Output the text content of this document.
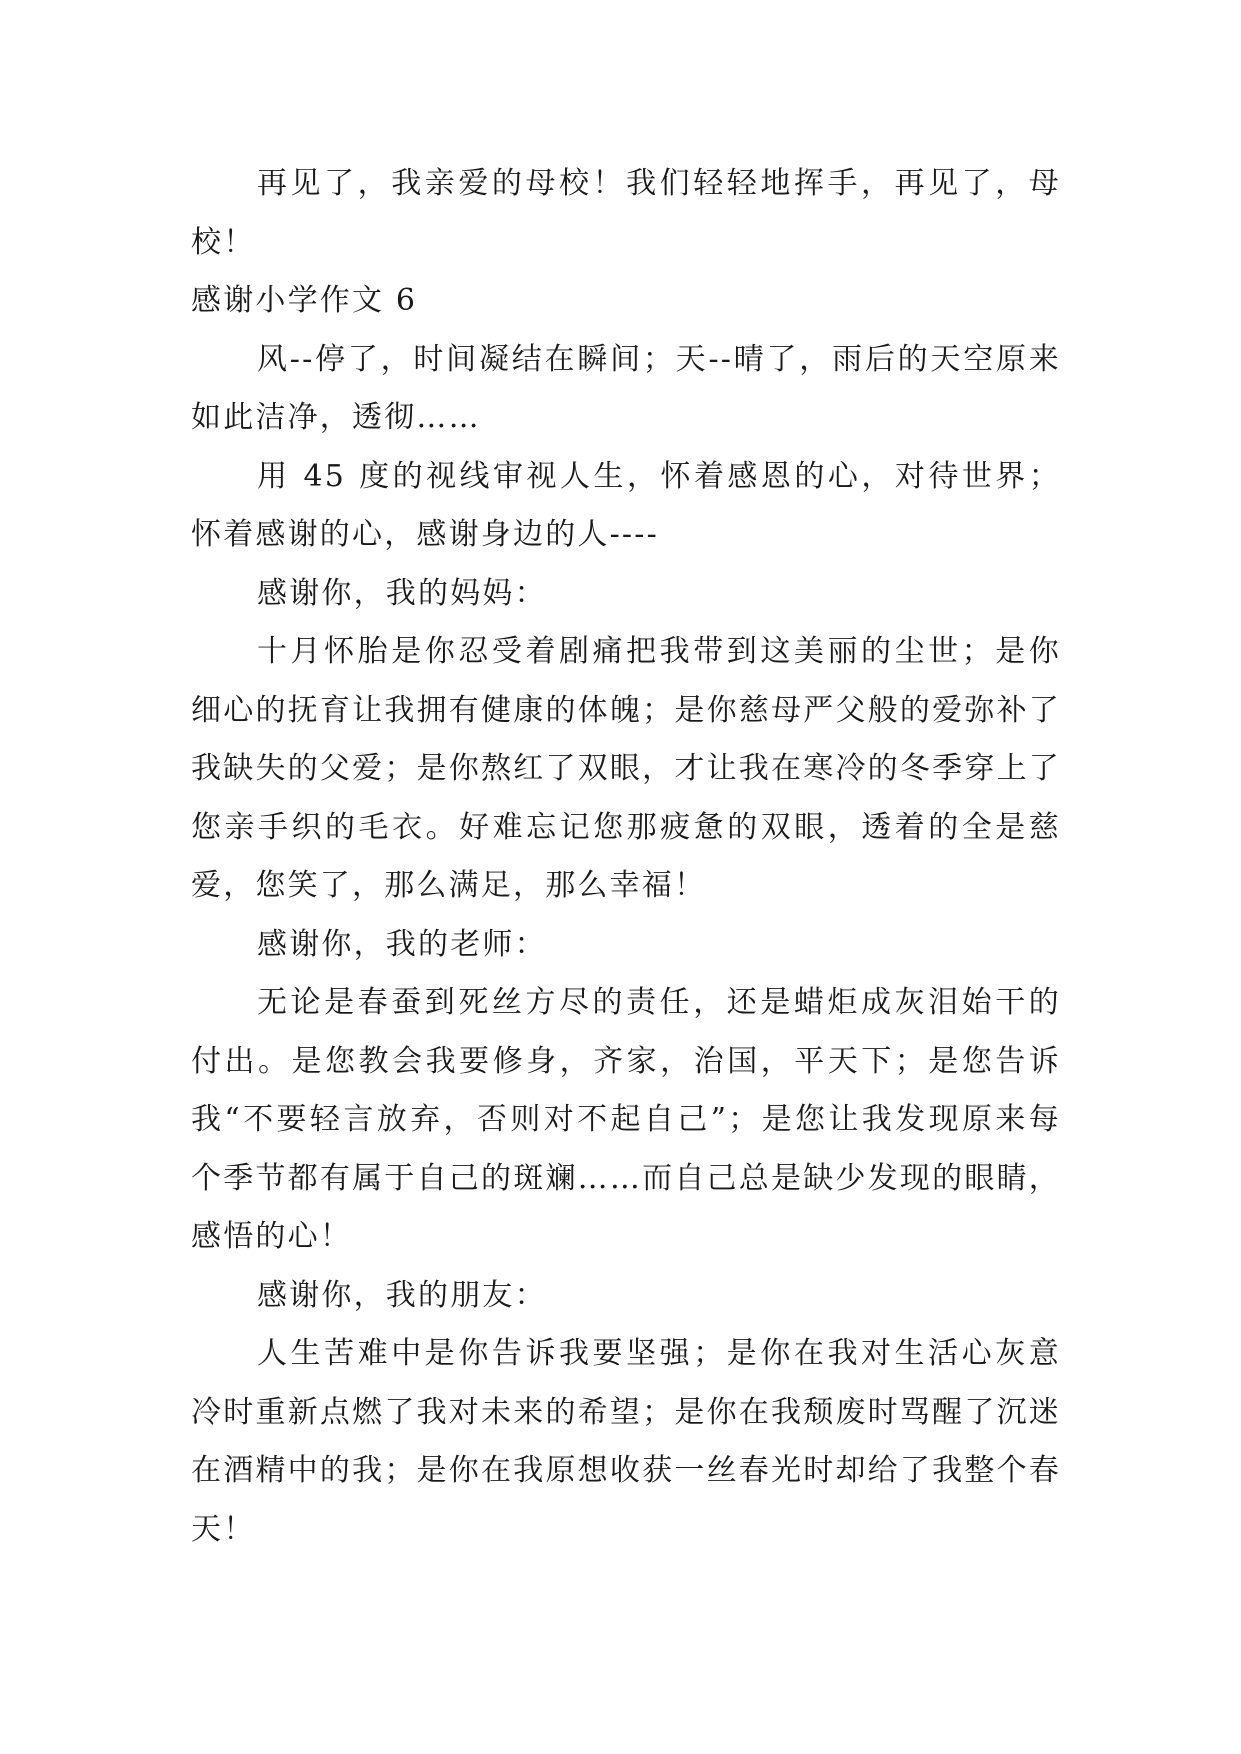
再见了，我亲爱的母校！我们轻轻地挥手，再见了，母校！

感谢小学作文 6

风--停了，时间凝结在瞬间；天--晴了，雨后的天空原来如此洁净，透彻……

用 45 度的视线审视人生，怀着感恩的心，对待世界；怀着感谢的心，感谢身边的人----

感谢你，我的妈妈：

十月怀胎是你忍受着剧痛把我带到这美丽的尘世；是你细心的抚育让我拥有健康的体魄；是你慈母严父般的爱弥补了我缺失的父爱；是你熬红了双眼，才让我在寒冷的冬季穿上了您亲手织的毛衣。好难忘记您那疲惫的双眼，透着的全是慈爱，您笑了，那么满足，那么幸福！

感谢你，我的老师：

无论是春蚕到死丝方尽的责任，还是蜡炬成灰泪始干的付出。是您教会我要修身，齐家，治国，平天下；是您告诉我“不要轻言放弃，否则对不起自己”；是您让我发现原来每个季节都有属于自己的斑斓……而自己总是缺少发现的眼睛，感悟的心！

感谢你，我的朋友：

人生苦难中是你告诉我要坚强；是你在我对生活心灰意冷时重新点燃了我对未来的希望；是你在我颓废时骂醒了沉迷在酒精中的我；是你在我原想收获一丝春光时却给了我整个春天！
